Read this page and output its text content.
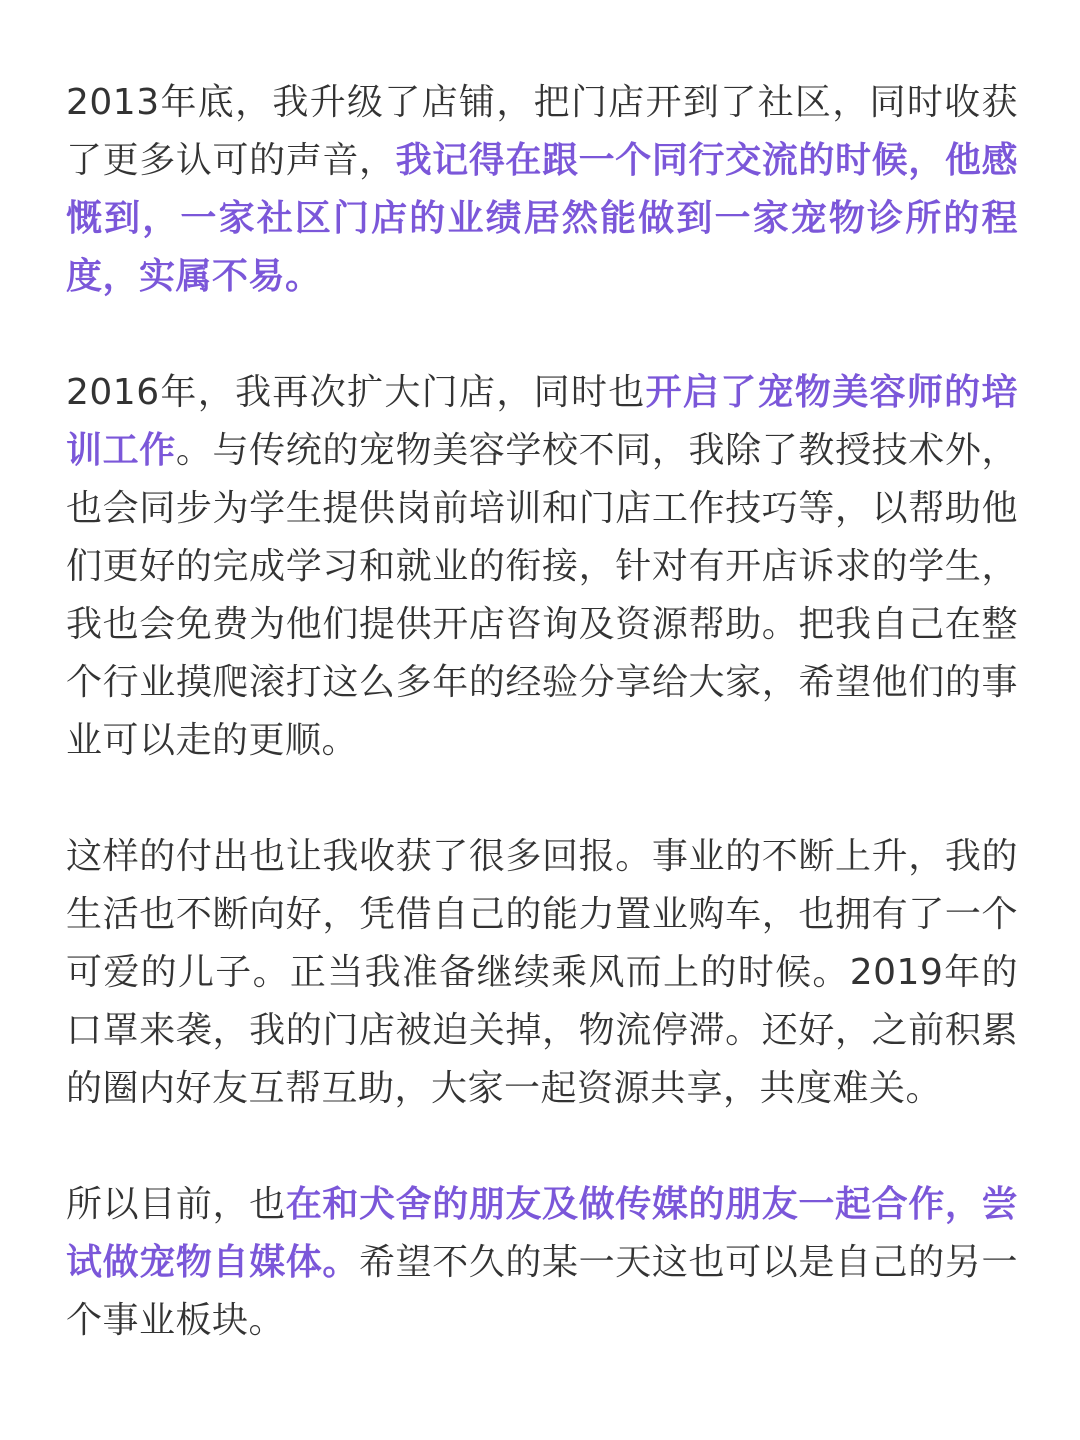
2013年底，我升级了店铺，把门店开到了社区，同时收获了更多认可的声音，我记得在跟一个同行交流的时候，他感慨到，一家社区门店的业绩居然能做到一家宠物诊所的程度，实属不易。

2016年，我再次扩大门店，同时也开启了宠物美容师的培训工作。与传统的宠物美容学校不同，我除了教授技术外，也会同步为学生提供岗前培训和门店工作技巧等，以帮助他们更好的完成学习和就业的衔接，针对有开店诉求的学生，我也会免费为他们提供开店咨询及资源帮助。把我自己在整个行业摸爬滚打这么多年的经验分享给大家，希望他们的事业可以走的更顺。

这样的付出也让我收获了很多回报。事业的不断上升，我的生活也不断向好，凭借自己的能力置业购车，也拥有了一个可爱的儿子。正当我准备继续乘风而上的时候。2019年的口罩来袭，我的门店被迫关掉，物流停滞。还好，之前积累的圈内好友互帮互助，大家一起资源共享，共度难关。

所以目前，也在和犬舍的朋友及做传媒的朋友一起合作，尝试做宠物自媒体。希望不久的某一天这也可以是自己的另一个事业板块。
